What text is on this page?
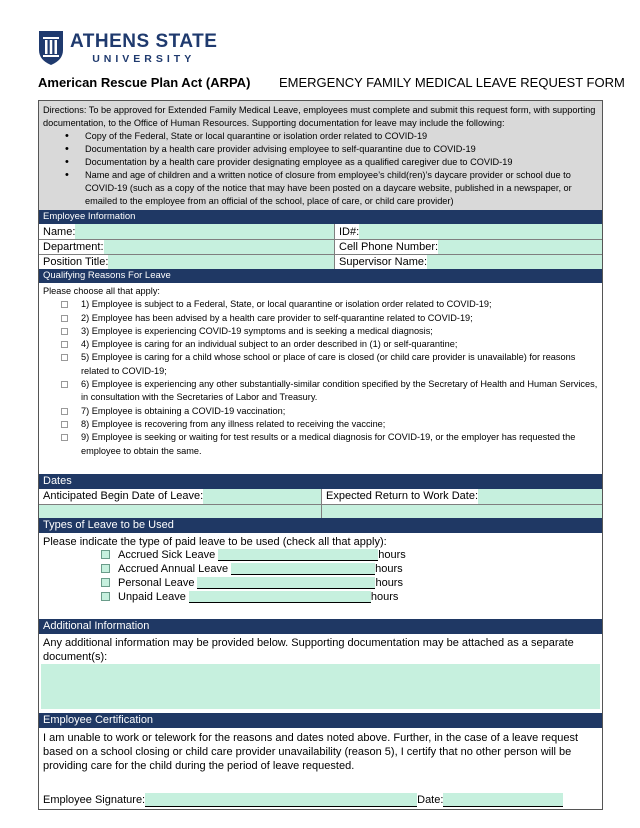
ATHENS STATE
UNIVERSITY
American Rescue Plan Act (ARPA) EMERGENCY FAMILY MEDICAL LEAVE REQUEST FORM
Directions: To be approved for Extended Family Medical Leave, employees must complete and submit this request form, with supporting documentation, to the Office of Human Resources. Supporting documentation for leave may include the following:
• Copy of the Federal, State or local quarantine or isolation order related to COVID-19
• Documentation by a health care provider advising employee to self-quarantine due to COVID-19
• Documentation by a health care provider designating employee as a qualified caregiver due to COVID-19
• Name and age of children and a written notice of closure from employee’s child(ren)’s daycare provider or school due to COVID-19 (such as a copy of the notice that may have been posted on a daycare website, published in a newspaper, or emailed to the employee from an official of the school, place of care, or child care provider)
Employee Information
Name:	ID#:
Department:	Cell Phone Number:
Position Title:	Supervisor Name:
Qualifying Reasons For Leave
Please choose all that apply:
1) Employee is subject to a Federal, State, or local quarantine or isolation order related to COVID-19;
2) Employee has been advised by a health care provider to self-quarantine related to COVID-19;
3) Employee is experiencing COVID-19 symptoms and is seeking a medical diagnosis;
4) Employee is caring for an individual subject to an order described in (1) or self-quarantine;
5) Employee is caring for a child whose school or place of care is closed (or child care provider is unavailable) for reasons related to COVID-19;
6) Employee is experiencing any other substantially-similar condition specified by the Secretary of Health and Human Services, in consultation with the Secretaries of Labor and Treasury.
7) Employee is obtaining a COVID-19 vaccination;
8) Employee is recovering from any illness related to receiving the vaccine;
9) Employee is seeking or waiting for test results or a medical diagnosis for COVID-19, or the employer has requested the employee to obtain the same.
Dates
Anticipated Begin Date of Leave:	Expected Return to Work Date:
Types of Leave to be Used
Please indicate the type of paid leave to be used (check all that apply):
Accrued Sick Leave	hours
Accrued Annual Leave	hours
Personal Leave	hours
Unpaid Leave	hours
Additional Information
Any additional information may be provided below. Supporting documentation may be attached as a separate document(s):
Employee Certification
I am unable to work or telework for the reasons and dates noted above. Further, in the case of a leave request based on a school closing or child care provider unavailability (reason 5), I certify that no other person will be providing care for the child during the period of leave requested.
Employee Signature:	Date:
